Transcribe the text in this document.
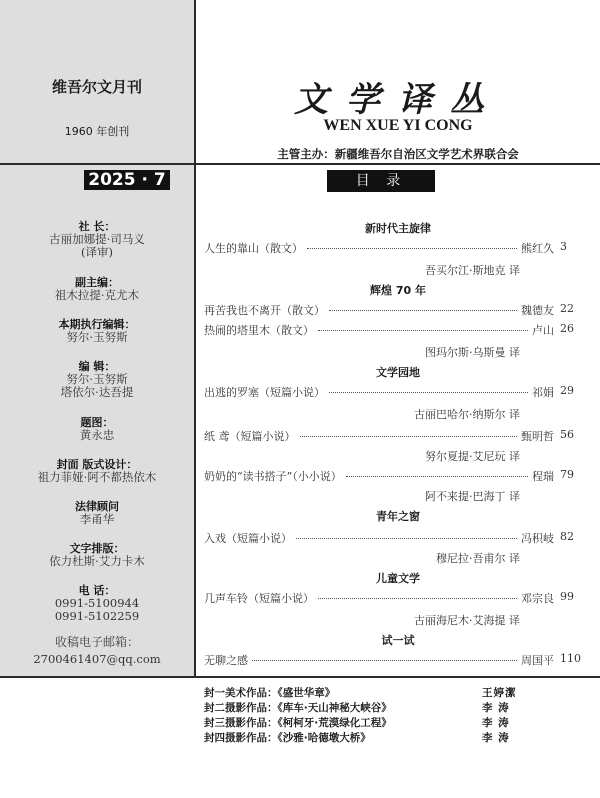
维吾尔文月刊
1960 年创刊
文学译丛
WEN XUE YI CONG
主管主办：新疆维吾尔自治区文学艺术界联合会
2025 · 7	目 录
社 长：
古丽加娜提·司马义
(译审)
副主编：
祖木拉提·克尤木
本期执行编辑：
努尔·玉努斯
编 辑：
努尔·玉努斯
塔依尔·达吾提
题图：
黄永忠
封面 版式设计：
祖力菲娅·阿不都热依木
法律顾问
李甬华
文字排版：
依力杜斯·艾力卡木
电 话：
0991-5100944
0991-5102259
收稿电子邮箱：
2700461407@qq.com
新时代主旋律
人生的靠山（散文）	熊红久 3
吾买尔江·斯地克 译
辉煌 70 年
再苦我也不离开（散文）	魏德友 22
热闹的塔里木（散文）	卢山 26
图玛尔斯·乌斯曼 译
文学园地
出逃的罗塞（短篇小说）	祁娟 29
古丽巴哈尔·纳斯尔 译
纸 鸢（短篇小说）	甄明哲 56
努尔夏提·艾尼玩 译
奶奶的“读书搭子”（小小说）	程瑞 79
阿不来提·巴海丁 译
青年之窗
入戏（短篇小说）	冯积岐 82
穆尼拉·吾甫尔 译
儿童文学
几声车铃（短篇小说）	邓宗良 99
古丽海尼木·艾海提 译
试一试
无聊之感	周国平 110
封一美术作品：《盛世华章》	王婷潔
封二摄影作品：《库车·天山神秘大峡谷》	李 涛
封三摄影作品：《柯柯牙·荒漠绿化工程》	李 涛
封四摄影作品：《沙雅·哈德墩大桥》	李 涛
